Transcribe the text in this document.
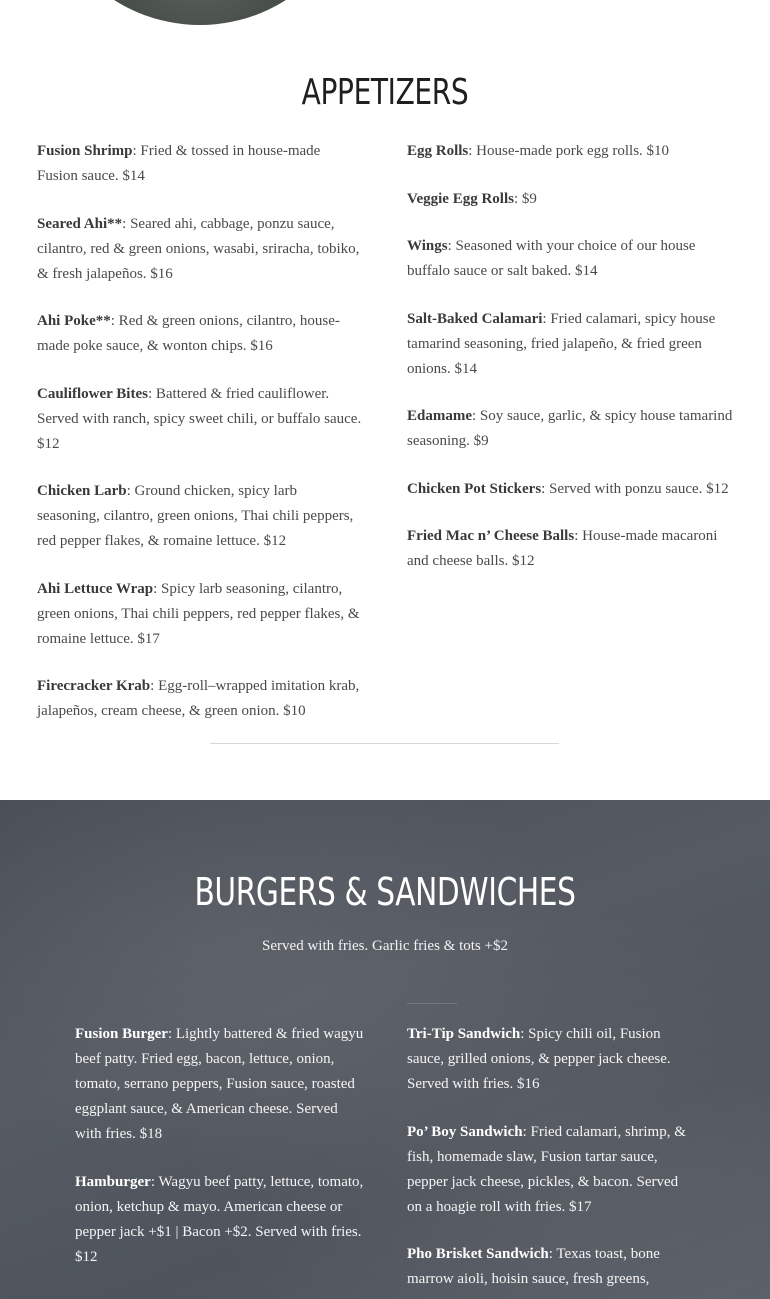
APPETIZERS

Fusion Shrimp: Fried & tossed in house-made Fusion sauce. $14

Seared Ahi**: Seared ahi, cabbage, ponzu sauce, cilantro, red & green onions, wasabi, sriracha, tobiko, & fresh jalapeños. $16

Ahi Poke**: Red & green onions, cilantro, house-made poke sauce, & wonton chips. $16

Cauliflower Bites: Battered & fried cauliflower. Served with ranch, spicy sweet chili, or buffalo sauce. $12

Chicken Larb: Ground chicken, spicy larb seasoning, cilantro, green onions, Thai chili peppers, red pepper flakes, & romaine lettuce. $12

Ahi Lettuce Wrap: Spicy larb seasoning, cilantro, green onions, Thai chili peppers, red pepper flakes, & romaine lettuce. $17

Firecracker Krab: Egg-roll–wrapped imitation krab, jalapeños, cream cheese, & green onion. $10

Egg Rolls: House-made pork egg rolls. $10

Veggie Egg Rolls: $9

Wings: Seasoned with your choice of our house buffalo sauce or salt baked. $14

Salt-Baked Calamari: Fried calamari, spicy house tamarind seasoning, fried jalapeño, & fried green onions. $14

Edamame: Soy sauce, garlic, & spicy house tamarind seasoning. $9

Chicken Pot Stickers: Served with ponzu sauce. $12

Fried Mac n’ Cheese Balls: House-made macaroni and cheese balls. $12

BURGERS & SANDWICHES

Served with fries. Garlic fries & tots +$2

Fusion Burger: Lightly battered & fried wagyu beef patty. Fried egg, bacon, lettuce, onion, tomato, serrano peppers, Fusion sauce, roasted eggplant sauce, & American cheese. Served with fries. $18

Hamburger: Wagyu beef patty, lettuce, tomato, onion, ketchup & mayo. American cheese or pepper jack +$1 | Bacon +$2. Served with fries. $12

Tri-Tip Sandwich: Spicy chili oil, Fusion sauce, grilled onions, & pepper jack cheese. Served with fries. $16

Po’ Boy Sandwich: Fried calamari, shrimp, & fish, homemade slaw, Fusion tartar sauce, pepper jack cheese, pickles, & bacon. Served on a hoagie roll with fries. $17

Pho Brisket Sandwich: Texas toast, bone marrow aioli, hoisin sauce, fresh greens,
